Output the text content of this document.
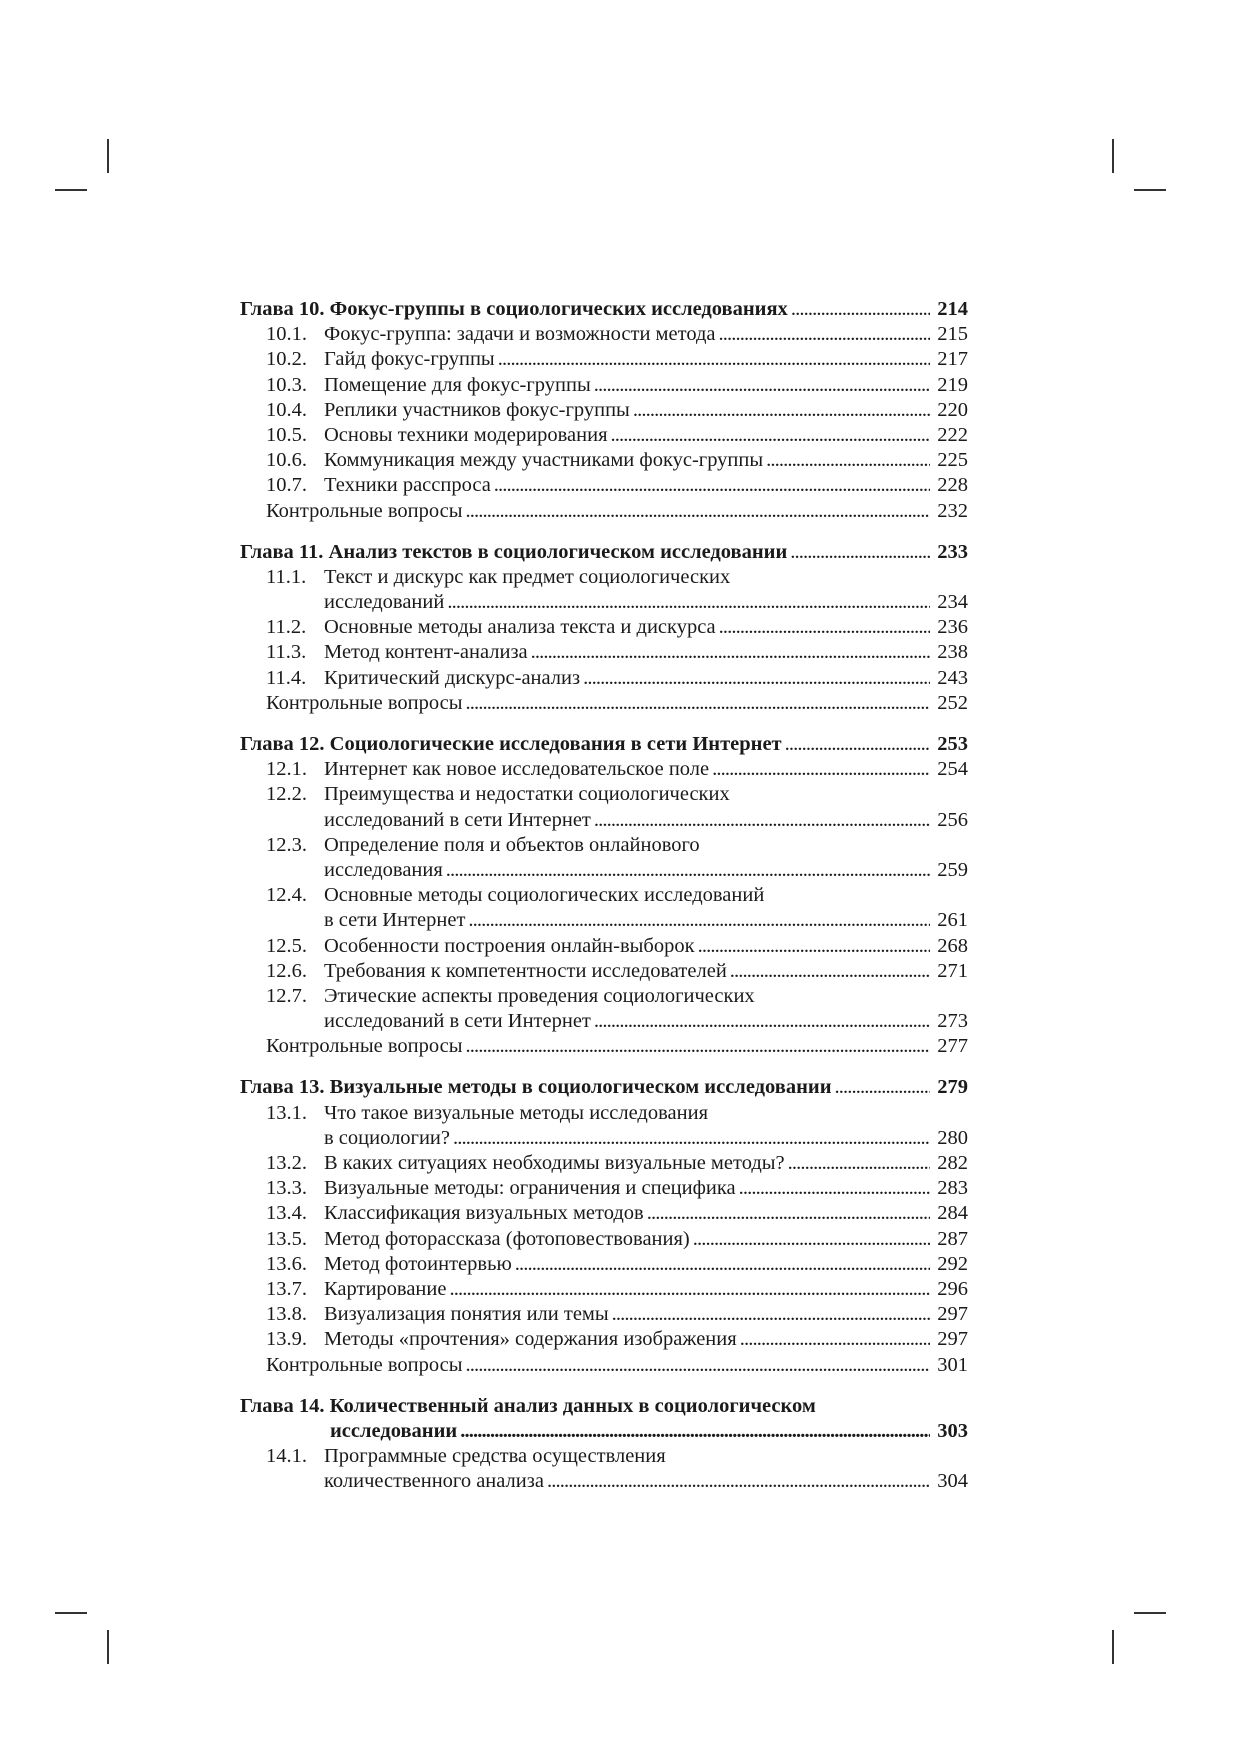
Глава 10. Фокус-группы в социологических исследованиях . . .	214
10.1. Фокус-группа: задачи и возможности метода . . .	215
10.2. Гайд фокус-группы . . .	217
10.3. Помещение для фокус-группы . . .	219
10.4. Реплики участников фокус-группы . . .	220
10.5. Основы техники модерирования . . .	222
10.6. Коммуникация между участниками фокус-группы . . .	225
10.7. Техники расспроса . . .	228
Контрольные вопросы . . .	232
Глава 11. Анализ текстов в социологическом исследовании . . .	233
11.1. Текст и дискурс как предмет социологических
исследований . . .	234
11.2. Основные методы анализа текста и дискурса . . .	236
11.3. Метод контент-анализа . . .	238
11.4. Критический дискурс-анализ . . .	243
Контрольные вопросы . . .	252
Глава 12. Социологические исследования в сети Интернет . . .	253
12.1. Интернет как новое исследовательское поле . . .	254
12.2. Преимущества и недостатки социологических
исследований в сети Интернет . . .	256
12.3. Определение поля и объектов онлайнового
исследования . . .	259
12.4. Основные методы социологических исследований
в сети Интернет . . .	261
12.5. Особенности построения онлайн-выборок . . .	268
12.6. Требования к компетентности исследователей . . .	271
12.7. Этические аспекты проведения социологических
исследований в сети Интернет . . .	273
Контрольные вопросы . . .	277
Глава 13. Визуальные методы в социологическом исследовании . . .	279
13.1. Что такое визуальные методы исследования
в социологии? . . .	280
13.2. В каких ситуациях необходимы визуальные методы? . . .	282
13.3. Визуальные методы: ограничения и специфика . . .	283
13.4. Классификация визуальных методов . . .	284
13.5. Метод фоторассказа (фотоповествования) . . .	287
13.6. Метод фотоинтервью . . .	292
13.7. Картирование . . .	296
13.8. Визуализация понятия или темы . . .	297
13.9. Методы «прочтения» содержания изображения . . .	297
Контрольные вопросы . . .	301
Глава 14. Количественный анализ данных в социологическом
исследовании . . .	303
14.1. Программные средства осуществления
количественного анализа . . .	304
